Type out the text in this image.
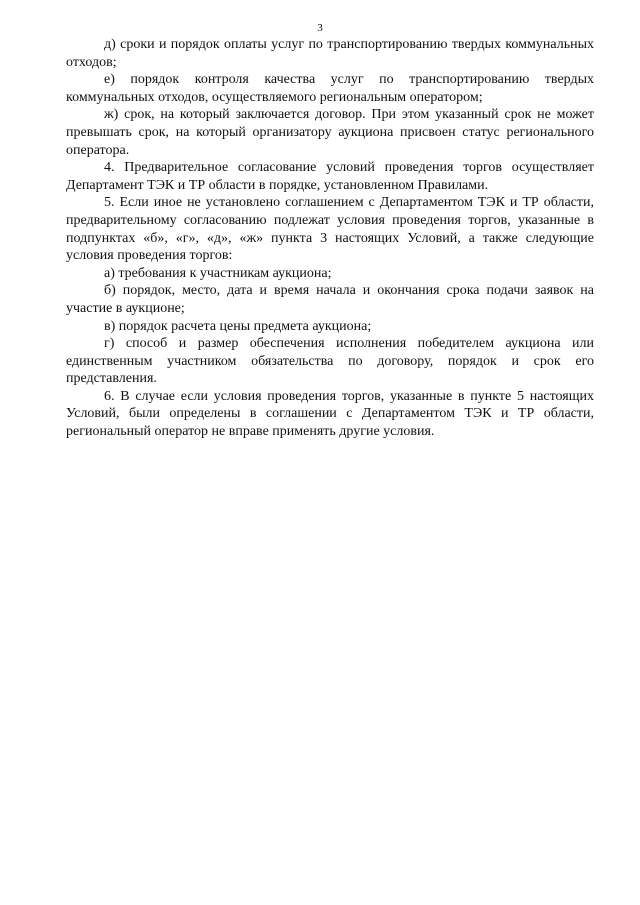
3

д) сроки и порядок оплаты услуг по транспортированию твердых коммунальных отходов;

е) порядок контроля качества услуг по транспортированию твердых коммунальных отходов, осуществляемого региональным оператором;

ж) срок, на который заключается договор. При этом указанный срок не может превышать срок, на который организатору аукциона присвоен статус регионального оператора.

4. Предварительное согласование условий проведения торгов осуществляет Департамент ТЭК и ТР области в порядке, установленном Правилами.

5. Если иное не установлено соглашением с Департаментом ТЭК и ТР области, предварительному согласованию подлежат условия проведения торгов, указанные в подпунктах «б», «г», «д», «ж» пункта 3 настоящих Условий, а также следующие условия проведения торгов:

а) требования к участникам аукциона;

б) порядок, место, дата и время начала и окончания срока подачи заявок на участие в аукционе;

в) порядок расчета цены предмета аукциона;

г) способ и размер обеспечения исполнения победителем аукциона или единственным участником обязательства по договору, порядок и срок его представления.

6. В случае если условия проведения торгов, указанные в пункте 5 настоящих Условий, были определены в соглашении с Департаментом ТЭК и ТР области, региональный оператор не вправе применять другие условия.
